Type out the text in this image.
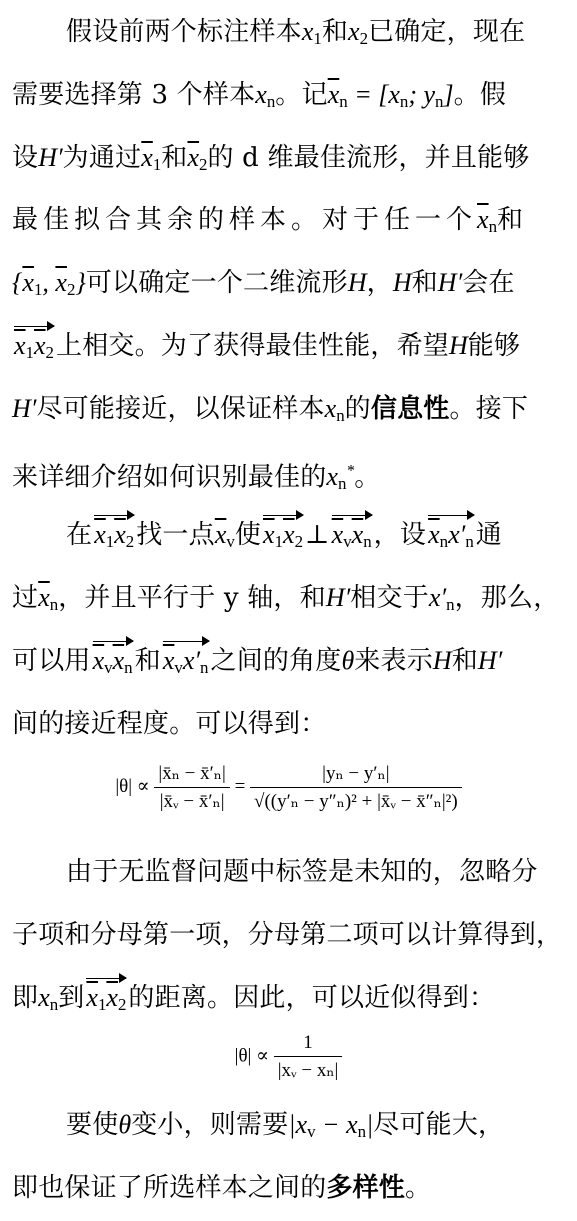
假设前两个标注样本$x_1$和$x_2$已确定，现在
需要选择第 3 个样本$x_n$。记$\overline{x}_n = [x_n$; $y_n$]。假
设H′为通过$\overline{x}_1$和$\overline{x}_2$的 d 维最佳流形，并且能够
最佳拟合其余的样本。对于任一个$\overline{x}_n$和
{$\overline{x}_1$, $\overline{x}_2$}可以确定一个二维流形H，H和H′会在
$\overline{x}_1\overline{x}_2$上相交。为了获得最佳性能，希望H能够
H′尽可能接近，以保证样本$x_n$的信息性。接下
来详细介绍如何识别最佳的$x_n^*$。
在$\overline{x}_1\overline{x}_2$找一点$\overline{x}_v$使$\overline{x}_1\overline{x}_2\perp\overline{x}_v\overline{x}_n$，设$\overline{x}_nx'_n$通
过$\overline{x}_n$，并且平行于 y 轴，和H′相交于$x'_n$，那么，
可以用$\overline{x}_v\overline{x}_n$和$\overline{x}_vx'_n$之间的角度θ来表示H和H′
间的接近程度。可以得到：
$|\theta| \propto \frac{\text{|x̄ₙ − x̄′ₙ|}}{\text{|x̄ᵥ − x̄′ₙ|}} = \frac{\text{|yₙ − y′ₙ|}}{\text{√((y′ₙ − y″ₙ)² + |x̄ᵥ − x̄″ₙ|²)}}$
由于无监督问题中标签是未知的，忽略分
子项和分母第一项，分母第二项可以计算得到，
即$x_n$到$\overline{x}_1\overline{x}_2$的距离。因此，可以近似得到：
$|\theta| \propto \frac{1}{\text{|xᵥ − xₙ|}}$
要使θ变小，则需要$|x_v - x_n|$尽可能大，
即也保证了所选样本之间的多样性。
